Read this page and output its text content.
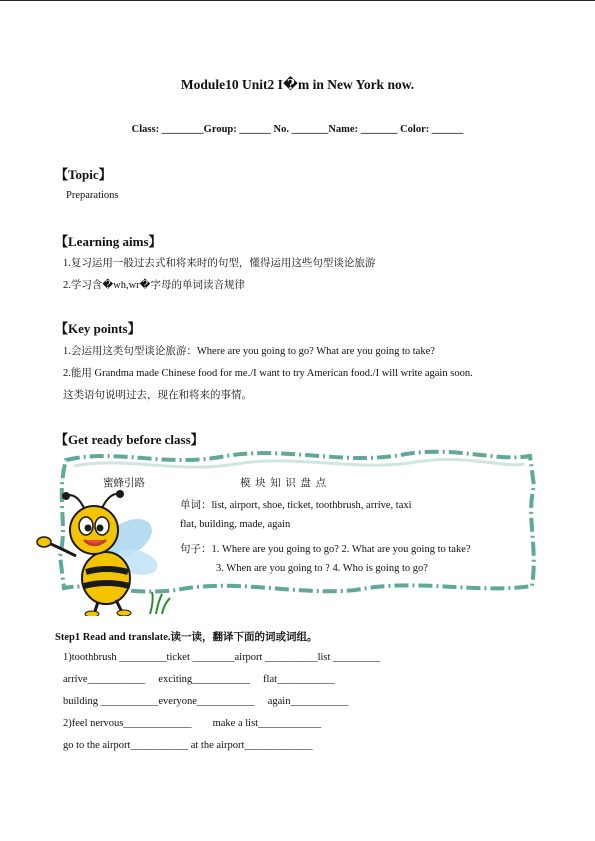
Module10 Unit2 I�m in New York now.
Class: ________Group: ______ No. _______Name: _______ Color: ______
【Topic】
Preparations
【Learning aims】
1.复习运用一般过去式和将来时的句型，懂得运用这些句型谈论旅游
2.学习含�wh,wr�字母的单词读音规律
【Key points】
1.会运用这类句型谈论旅游：Where are you going to go? What are you going to take?
2.能用 Grandma made Chinese food for me./I want to try American food./I will write again soon.
这类语句说明过去，现在和将来的事情。
【Get ready before class】
蜜蜂引路	模 块 知 识 盘 点
单词：list, airport, shoe, ticket, toothbrush, arrive, taxi
flat, building, made, again
句子：1. Where are you going to go? 2. What are you going to take?
3. When are you going to ? 4. Who is going to go?
Step1 Read and translate.读一读，翻译下面的词或词组。
1)toothbrush _________ticket ________airport __________list _________
arrive___________     exciting___________     flat___________
building ___________everyone___________     again___________
2)feel nervous_____________        make a list____________
go to the airport___________ at the airport_____________
